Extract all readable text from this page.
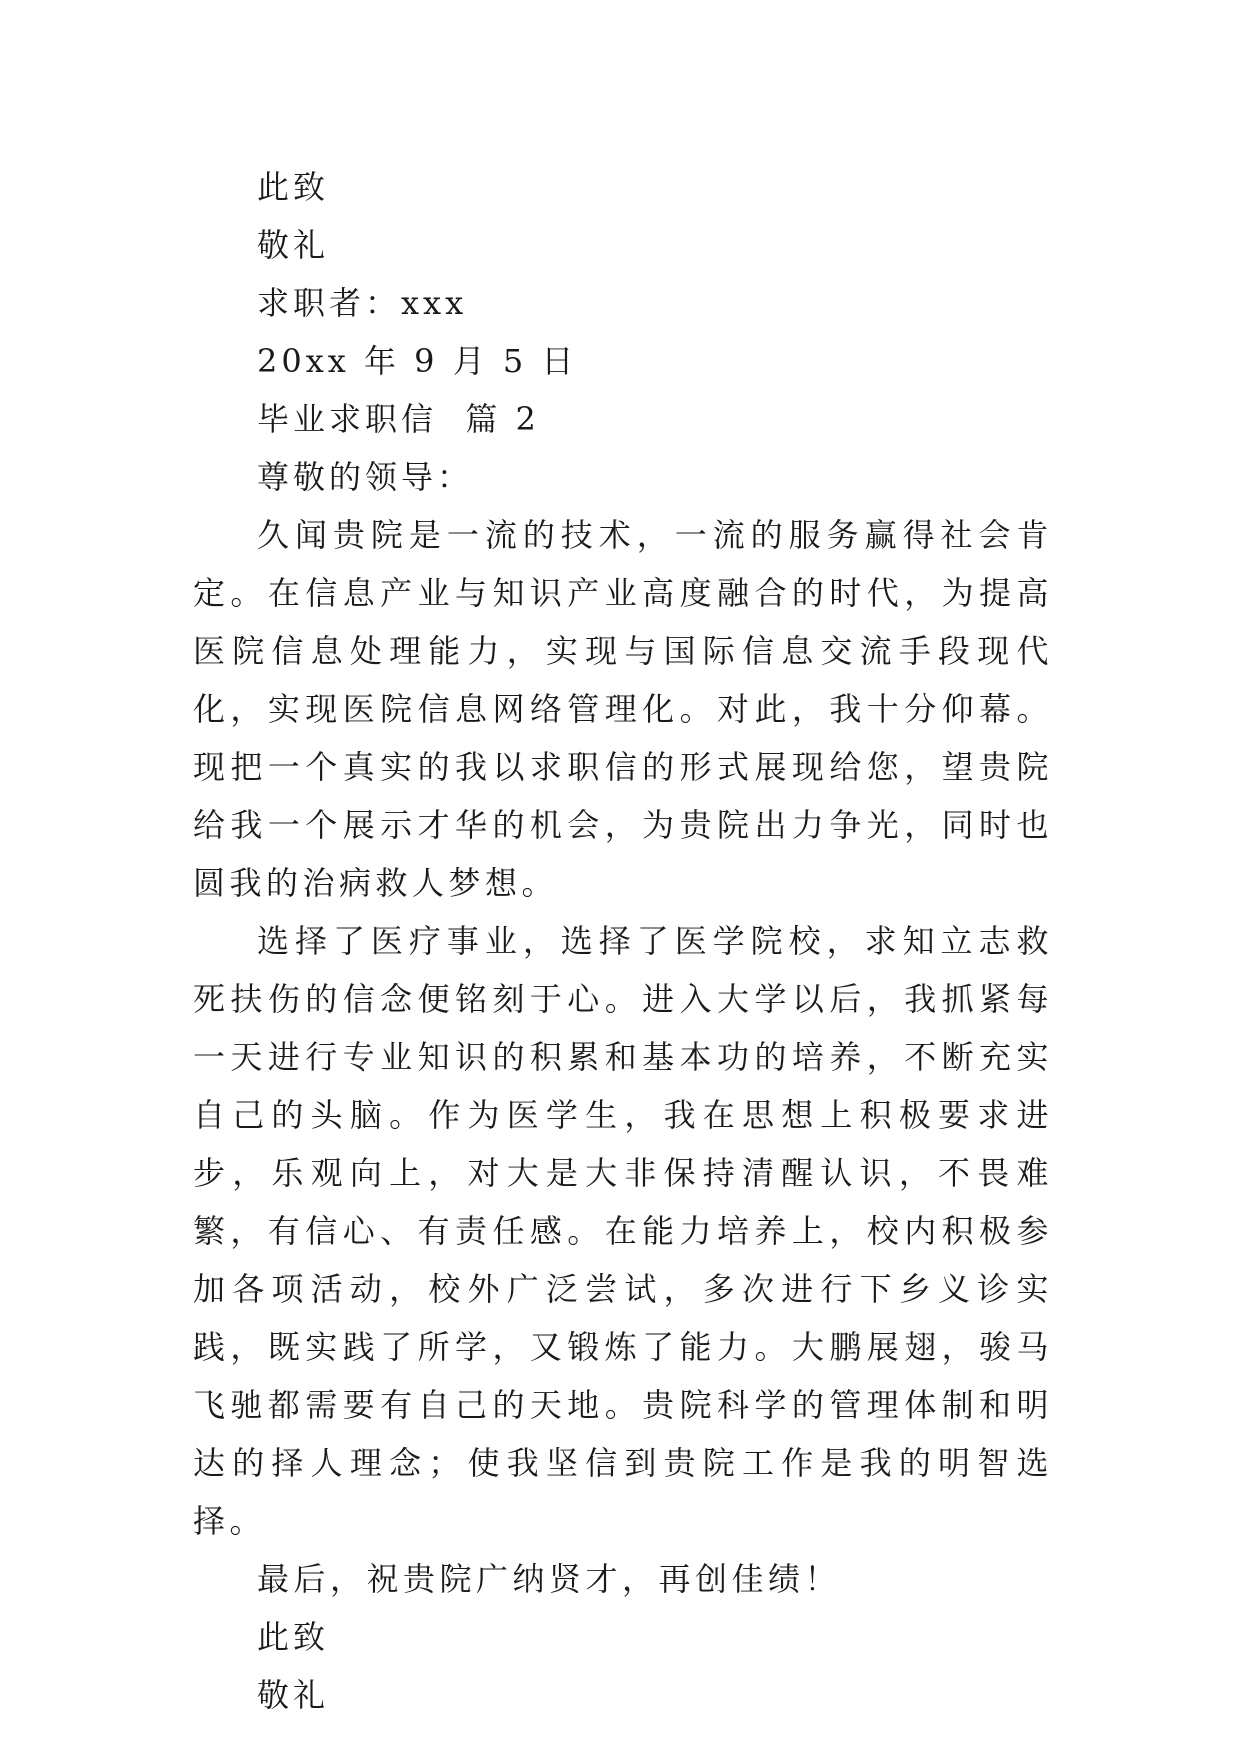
此致
敬礼
求职者：xxx
20xx 年 9 月 5 日
毕业求职信  篇 2
尊敬的领导：

久闻贵院是一流的技术，一流的服务赢得社会肯定。在信息产业与知识产业高度融合的时代，为提高医院信息处理能力，实现与国际信息交流手段现代化，实现医院信息网络管理化。对此，我十分仰幕。现把一个真实的我以求职信的形式展现给您，望贵院给我一个展示才华的机会，为贵院出力争光，同时也圆我的治病救人梦想。

选择了医疗事业，选择了医学院校，求知立志救死扶伤的信念便铭刻于心。进入大学以后，我抓紧每一天进行专业知识的积累和基本功的培养，不断充实自己的头脑。作为医学生，我在思想上积极要求进步，乐观向上，对大是大非保持清醒认识，不畏难繁，有信心、有责任感。在能力培养上，校内积极参加各项活动，校外广泛尝试，多次进行下乡义诊实践，既实践了所学，又锻炼了能力。大鹏展翅，骏马飞驰都需要有自己的天地。贵院科学的管理体制和明达的择人理念；使我坚信到贵院工作是我的明智选择。

最后，祝贵院广纳贤才，再创佳绩！

此致
敬礼
